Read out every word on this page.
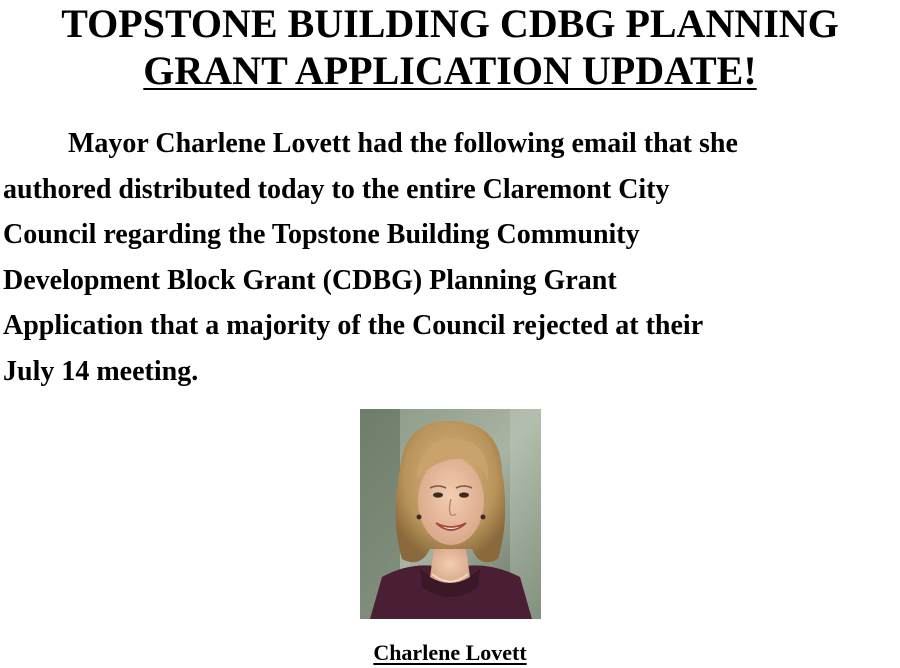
TOPSTONE BUILDING CDBG PLANNING
GRANT APPLICATION UPDATE!
Mayor Charlene Lovett had the following email that she
authored distributed today to the entire Claremont City
Council regarding the Topstone Building Community
Development Block Grant (CDBG) Planning Grant
Application that a majority of the Council rejected at their
July 14 meeting.
Charlene Lovett
